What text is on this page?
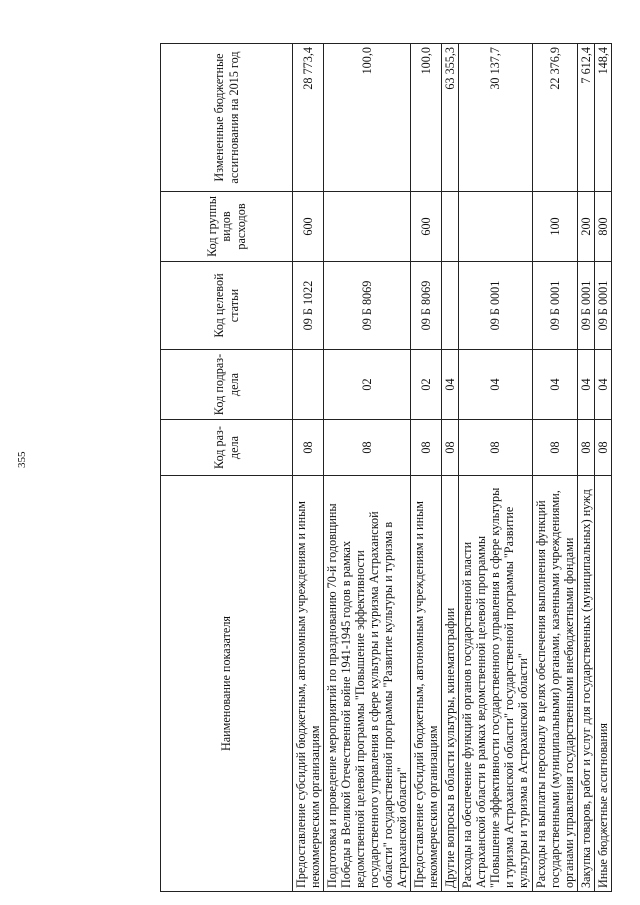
355
Наименование показателя	Код раз-дела	Код подраз-дела	Код целевой статьи	Код группы видов расходов	Измененные бюджетные ассигнования на 2015 год
Предоставление субсидий бюджетным, автономным учреждениям и иным некоммерческим организациям	08		09 Б 1022	600	28 773,4
Подготовка и проведение мероприятий по празднованию 70-й годовщины Победы в Великой Отечественной войне 1941-1945 годов в рамках ведомственной целевой программы "Повышение эффективности государственного управления в сфере культуры и туризма Астраханской области" государственной программы "Развитие культуры и туризма в Астраханской области"	08	02	09 Б 8069		100,0
Предоставление субсидий бюджетным, автономным учреждениям и иным некоммерческим организациям	08	02	09 Б 8069	600	100,0
Другие вопросы в области культуры, кинематографии	08	04			63 355,3
Расходы на обеспечение функций органов государственной власти Астраханской области в рамках ведомственной целевой программы "Повышение эффективности государственного управления в сфере культуры и туризма Астраханской области" государственной программы "Развитие культуры и туризма в Астраханской области"	08	04	09 Б 0001		30 137,7
Расходы на выплаты персоналу в целях обеспечения выполнения функций государственными (муниципальными) органами, казенными учреждениями, органами управления государственными внебюджетными фондами	08	04	09 Б 0001	100	22 376,9
Закупка товаров, работ и услуг для государственных (муниципальных) нужд	08	04	09 Б 0001	200	7 612,4
Иные бюджетные ассигнования	08	04	09 Б 0001	800	148,4
